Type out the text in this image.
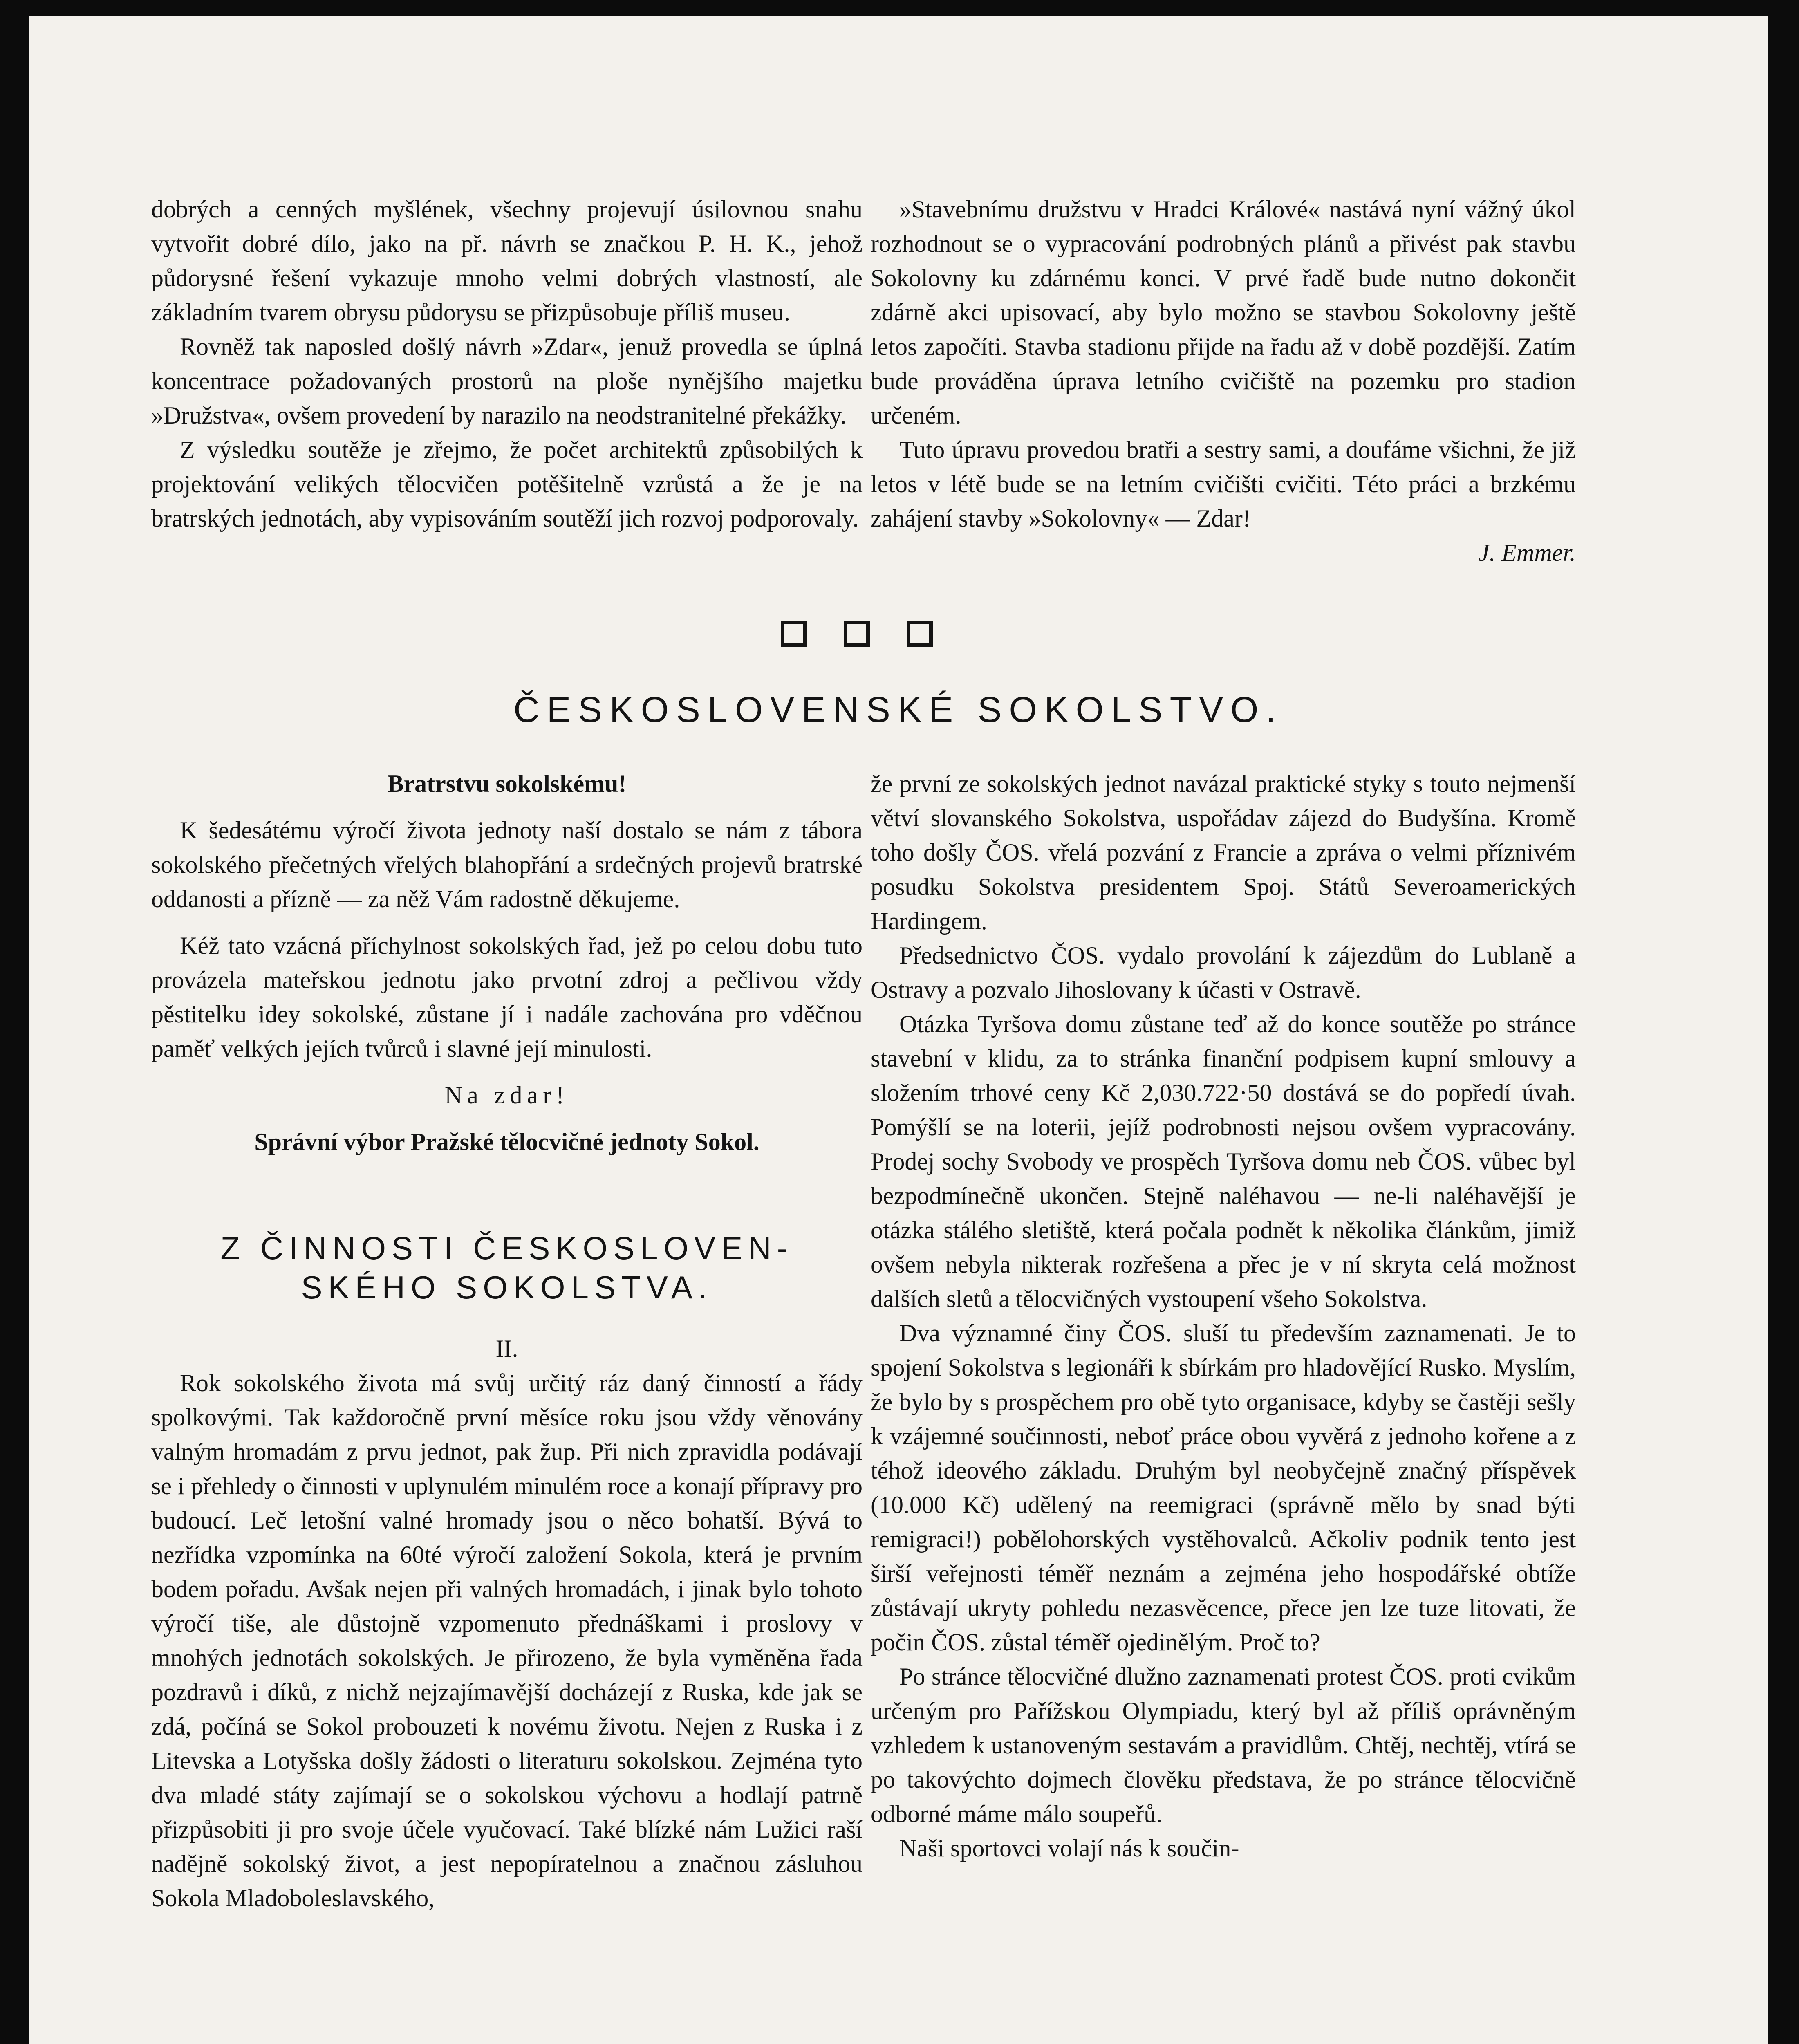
dobrých a cenných myšlének, všechny projevují úsilovnou snahu vytvořit dobré dílo, jako na př. návrh se značkou P. H. K., jehož půdorysné řešení vykazuje mnoho velmi dobrých vlastností, ale základním tvarem obrysu půdorysu se přizpůsobuje příliš museu.

Rovněž tak naposled došlý návrh »Zdar«, jenuž provedla se úplná koncentrace požadovaných prostorů na ploše nynějšího majetku »Družstva«, ovšem provedení by narazilo na neodstranitelné překážky.

Z výsledku soutěže je zřejmo, že počet architektů způsobilých k projektování velikých tělocvičen potěšitelně vzrůstá a že je na bratrských jednotách, aby vypisováním soutěží jich rozvoj podporovaly.

»Stavebnímu družstvu v Hradci Králové« nastává nyní vážný úkol rozhodnout se o vypracování podrobných plánů a přivést pak stavbu Sokolovny ku zdárnému konci. V prvé řadě bude nutno dokončit zdárně akci upisovací, aby bylo možno se stavbou Sokolovny ještě letos započíti. Stavba stadionu přijde na řadu až v době pozdější. Zatím bude prováděna úprava letního cvičiště na pozemku pro stadion určeném.

Tuto úpravu provedou bratři a sestry sami, a doufáme všichni, že již letos v létě bude se na letním cvičišti cvičiti. Této práci a brzkému zahájení stavby »Sokolovny« — Zdar!

J. Emmer.

ČESKOSLOVENSKÉ SOKOLSTVO.

Bratrstvu sokolskému!

K šedesátému výročí života jednoty naší dostalo se nám z tábora sokolského přečetných vřelých blahopřání a srdečných projevů bratrské oddanosti a přízně — za něž Vám radostně děkujeme.

Kéž tato vzácná příchylnost sokolských řad, jež po celou dobu tuto provázela mateřskou jednotu jako prvotní zdroj a pečlivou vždy pěstitelku idey sokolské, zůstane jí i nadále zachována pro vděčnou paměť velkých jejích tvůrců i slavné její minulosti.

Na zdar!

Správní výbor Pražské tělocvičné jednoty Sokol.

Z ČINNOSTI ČESKOSLOVEN-
SKÉHO SOKOLSTVA.

II.

Rok sokolského života má svůj určitý ráz daný činností a řády spolkovými. Tak každoročně první měsíce roku jsou vždy věnovány valným hromadám z prvu jednot, pak žup. Při nich zpravidla podávají se i přehledy o činnosti v uplynulém minulém roce a konají přípravy pro budoucí. Leč letošní valné hromady jsou o něco bohatší. Bývá to nezřídka vzpomínka na 60té výročí založení Sokola, která je prvním bodem pořadu. Avšak nejen při valných hromadách, i jinak bylo tohoto výročí tiše, ale důstojně vzpomenuto přednáškami i proslovy v mnohých jednotách sokolských. Je přirozeno, že byla vyměněna řada pozdravů i díků, z nichž nejzajímavější docházejí z Ruska, kde jak se zdá, počíná se Sokol probouzeti k novému životu. Nejen z Ruska i z Litevska a Lotyšska došly žádosti o literaturu sokolskou. Zejména tyto dva mladé státy zajímají se o sokolskou výchovu a hodlají patrně přizpůsobiti ji pro svoje účele vyučovací. Také blízké nám Lužici raší nadějně sokolský život, a jest nepopíratelnou a značnou zásluhou Sokola Mladoboleslavského,

že první ze sokolských jednot navázal praktické styky s touto nejmenší větví slovanského Sokolstva, uspořádav zájezd do Budyšína. Kromě toho došly ČOS. vřelá pozvání z Francie a zpráva o velmi příznivém posudku Sokolstva presidentem Spoj. Států Severoamerických Hardingem.

Předsednictvo ČOS. vydalo provolání k zájezdům do Lublaně a Ostravy a pozvalo Jihoslovany k účasti v Ostravě.

Otázka Tyršova domu zůstane teď až do konce soutěže po stránce stavební v klidu, za to stránka finanční podpisem kupní smlouvy a složením trhové ceny Kč 2,030.722·50 dostává se do popředí úvah. Pomýšlí se na loterii, jejíž podrobnosti nejsou ovšem vypracovány. Prodej sochy Svobody ve prospěch Tyršova domu neb ČOS. vůbec byl bezpodmínečně ukončen. Stejně naléhavou — ne-li naléhavější je otázka stálého sletiště, která počala podnět k několika článkům, jimiž ovšem nebyla nikterak rozřešena a přec je v ní skryta celá možnost dalších sletů a tělocvičných vystoupení všeho Sokolstva.

Dva významné činy ČOS. sluší tu především zaznamenati. Je to spojení Sokolstva s legionáři k sbírkám pro hladovějící Rusko. Myslím, že bylo by s prospěchem pro obě tyto organisace, kdyby se častěji sešly k vzájemné součinnosti, neboť práce obou vyvěrá z jednoho kořene a z téhož ideového základu. Druhým byl neobyčejně značný příspěvek (10.000 Kč) udělený na reemigraci (správně mělo by snad býti remigraci!) pobělohorských vystěhovalců. Ačkoliv podnik tento jest širší veřejnosti téměř neznám a zejména jeho hospodářské obtíže zůstávají ukryty pohledu nezasvěcence, přece jen lze tuze litovati, že počin ČOS. zůstal téměř ojedinělým. Proč to?

Po stránce tělocvičné dlužno zaznamenati protest ČOS. proti cvikům určeným pro Pařížskou Olympiadu, který byl až příliš oprávněným vzhledem k ustanoveným sestavám a pravidlům. Chtěj, nechtěj, vtírá se po takovýchto dojmech člověku představa, že po stránce tělocvičně odborné máme málo soupeřů.

Naši sportovci volají nás k součin-
